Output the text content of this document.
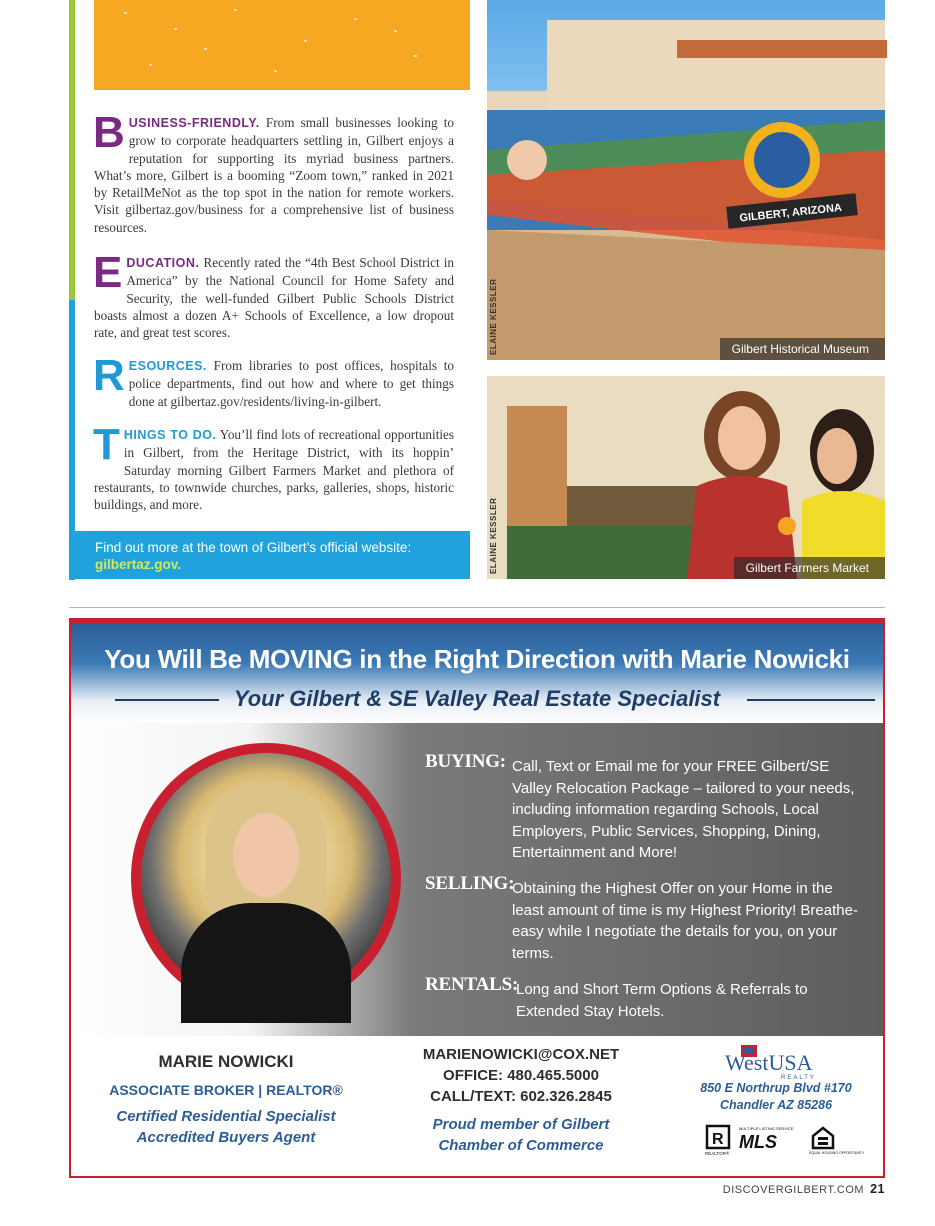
BUSINESS-FRIENDLY. From small businesses looking to grow to corporate headquarters settling in, Gilbert enjoys a reputation for supporting its myriad business partners. What’s more, Gilbert is a booming “Zoom town,” ranked in 2021 by RetailMeNot as the top spot in the nation for remote workers. Visit gilbertaz.gov/business for a comprehensive list of business resources.
EDUCATION. Recently rated the “4th Best School District in America” by the National Council for Home Safety and Security, the well-funded Gilbert Public Schools District boasts almost a dozen A+ Schools of Excellence, a low dropout rate, and great test scores.
RESOURCES. From libraries to post offices, hospitals to police departments, find out how and where to get things done at gilbertaz.gov/residents/living-in-gilbert.
THINGS TO DO. You’ll find lots of recreational opportunities in Gilbert, from the Heritage District, with its hoppin’ Saturday morning Gilbert Farmers Market and plethora of restaurants, to townwide churches, parks, galleries, shops, historic buildings, and more.
Find out more at the town of Gilbert’s official website: gilbertaz.gov.
GILBERT, ARIZONA
Gilbert Historical Museum
ELAINE KESSLER
Gilbert Farmers Market
ELAINE KESSLER
You Will Be MOVING in the Right Direction with Marie Nowicki
Your Gilbert & SE Valley Real Estate Specialist
BUYING: Call, Text or Email me for your FREE Gilbert/SE Valley Relocation Package – tailored to your needs, including information regarding Schools, Local Employers, Public Services, Shopping, Dining, Entertainment and More!
SELLING:
Obtaining the Highest Offer on your Home in the least amount of time is my Highest Priority! Breathe-easy while I negotiate the details for you, on your terms.
RENTALS:
Long and Short Term Options & Referrals to Extended Stay Hotels.
MARIE NOWICKI
ASSOCIATE BROKER | REALTOR®
Certified Residential Specialist
Accredited Buyers Agent
MARIENOWICKI@COX.NET
OFFICE: 480.465.5000
CALL/TEXT: 602.326.2845
Proud member of Gilbert
Chamber of Commerce
WestUSA
REALTY
850 E Northrup Blvd #170
Chandler AZ 85286
R
REALTOR®
MULTIPLE LISTING SERVICE
MLS
EQUAL HOUSING OPPORTUNITY
DISCOVERGILBERT.COM 21
